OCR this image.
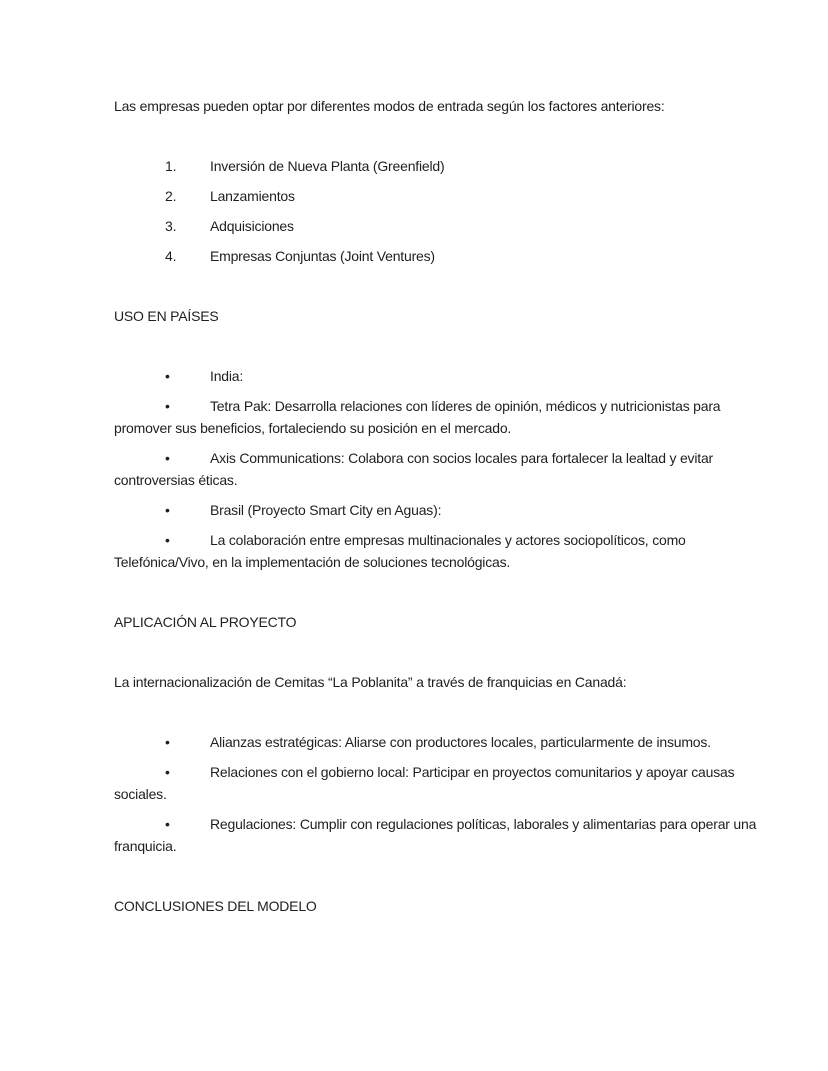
Las empresas pueden optar por diferentes modos de entrada según los factores anteriores:

1. Inversión de Nueva Planta (Greenfield)

2. Lanzamientos

3. Adquisiciones

4. Empresas Conjuntas (Joint Ventures)

USO EN PAÍSES

•	India:

•	Tetra Pak: Desarrolla relaciones con líderes de opinión, médicos y nutricionistas para promover sus beneficios, fortaleciendo su posición en el mercado.

•	Axis Communications: Colabora con socios locales para fortalecer la lealtad y evitar controversias éticas.

•	Brasil (Proyecto Smart City en Aguas):

•	La colaboración entre empresas multinacionales y actores sociopolíticos, como Telefónica/Vivo, en la implementación de soluciones tecnológicas.

APLICACIÓN AL PROYECTO

La internacionalización de Cemitas “La Poblanita” a través de franquicias en Canadá:

•	Alianzas estratégicas: Aliarse con productores locales, particularmente de insumos.

•	Relaciones con el gobierno local: Participar en proyectos comunitarios y apoyar causas sociales.

•	Regulaciones: Cumplir con regulaciones políticas, laborales y alimentarias para operar una franquicia.

CONCLUSIONES DEL MODELO
